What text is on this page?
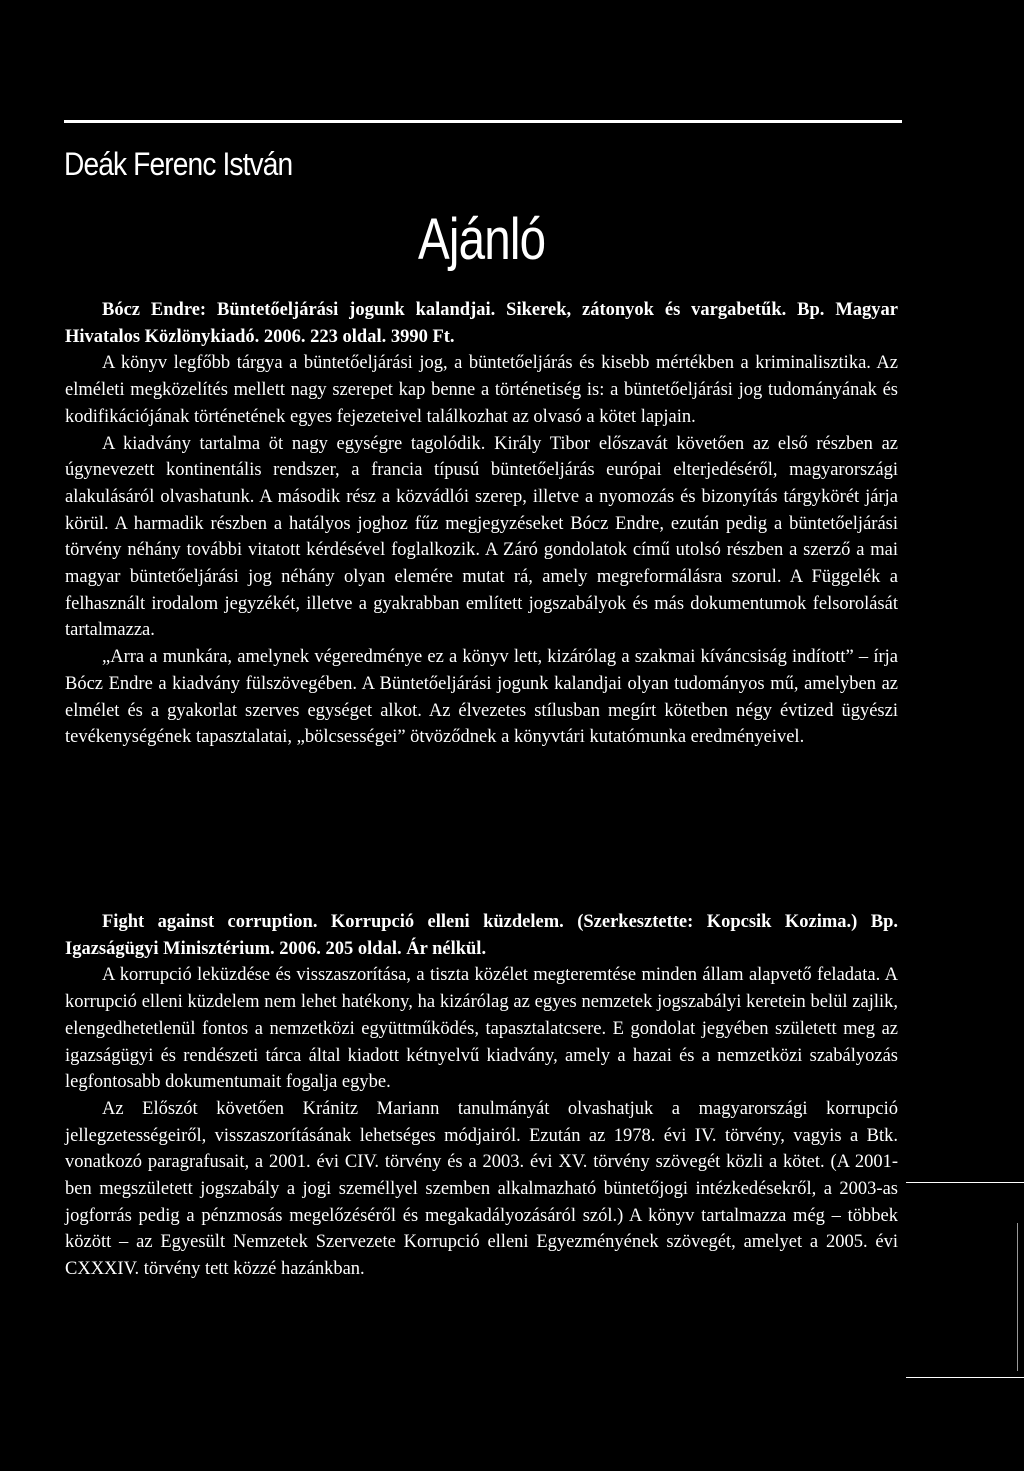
Deák Ferenc István
Ajánló

Bócz Endre: Büntetőeljárási jogunk kalandjai. Sikerek, zátonyok és vargabetűk. Bp. Magyar Hivatalos Közlönykiadó. 2006. 223 oldal. 3990 Ft.

A könyv legfőbb tárgya a büntetőeljárási jog, a büntetőeljárás és kisebb mértékben a kriminalisztika. Az elméleti megközelítés mellett nagy szerepet kap benne a történetiség is: a büntetőeljárási jog tudományának és kodifikációjának történetének egyes fejezeteivel találkozhat az olvasó a kötet lapjain.

A kiadvány tartalma öt nagy egységre tagolódik. Király Tibor előszavát követően az első részben az úgynevezett kontinentális rendszer, a francia típusú büntetőeljárás európai elterjedéséről, magyarországi alakulásáról olvashatunk. A második rész a közvádlói szerep, illetve a nyomozás és bizonyítás tárgykörét járja körül. A harmadik részben a hatályos joghoz fűz megjegyzéseket Bócz Endre, ezután pedig a büntetőeljárási törvény néhány további vitatott kérdésével foglalkozik. A Záró gondolatok című utolsó részben a szerző a mai magyar büntetőeljárási jog néhány olyan elemére mutat rá, amely megreformálásra szorul. A Függelék a felhasznált irodalom jegyzékét, illetve a gyakrabban említett jogszabályok és más dokumentumok felsorolását tartalmazza.

„Arra a munkára, amelynek végeredménye ez a könyv lett, kizárólag a szakmai kíváncsiság indított” – írja Bócz Endre a kiadvány fülszövegében. A Büntetőeljárási jogunk kalandjai olyan tudományos mű, amelyben az elmélet és a gyakorlat szerves egységet alkot. Az élvezetes stílusban megírt kötetben négy évtized ügyészi tevékenységének tapasztalatai, „bölcsességei” ötvöződnek a könyvtári kutatómunka eredményeivel.

Fight against corruption. Korrupció elleni küzdelem. (Szerkesztette: Kopcsik Kozima.) Bp. Igazságügyi Minisztérium. 2006. 205 oldal. Ár nélkül.

A korrupció leküzdése és visszaszorítása, a tiszta közélet megteremtése minden állam alapvető feladata. A korrupció elleni küzdelem nem lehet hatékony, ha kizárólag az egyes nemzetek jogszabályi keretein belül zajlik, elengedhetetlenül fontos a nemzetközi együttműködés, tapasztalatcsere. E gondolat jegyében született meg az igazságügyi és rendészeti tárca által kiadott kétnyelvű kiadvány, amely a hazai és a nemzetközi szabályozás legfontosabb dokumentumait fogalja egybe.

Az Előszót követően Kránitz Mariann tanulmányát olvashatjuk a magyarországi korrupció jellegzetességeiről, visszaszorításának lehetséges módjairól. Ezután az 1978. évi IV. törvény, vagyis a Btk. vonatkozó paragrafusait, a 2001. évi CIV. törvény és a 2003. évi XV. törvény szövegét közli a kötet. (A 2001-ben megszületett jogszabály a jogi személlyel szemben alkalmazható büntetőjogi intézkedésekről, a 2003-as jogforrás pedig a pénzmosás megelőzéséről és megakadályozásáról szól.) A könyv tartalmazza még – többek között – az Egyesült Nemzetek Szervezete Korrupció elleni Egyezményének szövegét, amelyet a 2005. évi CXXXIV. törvény tett közzé hazánkban.
